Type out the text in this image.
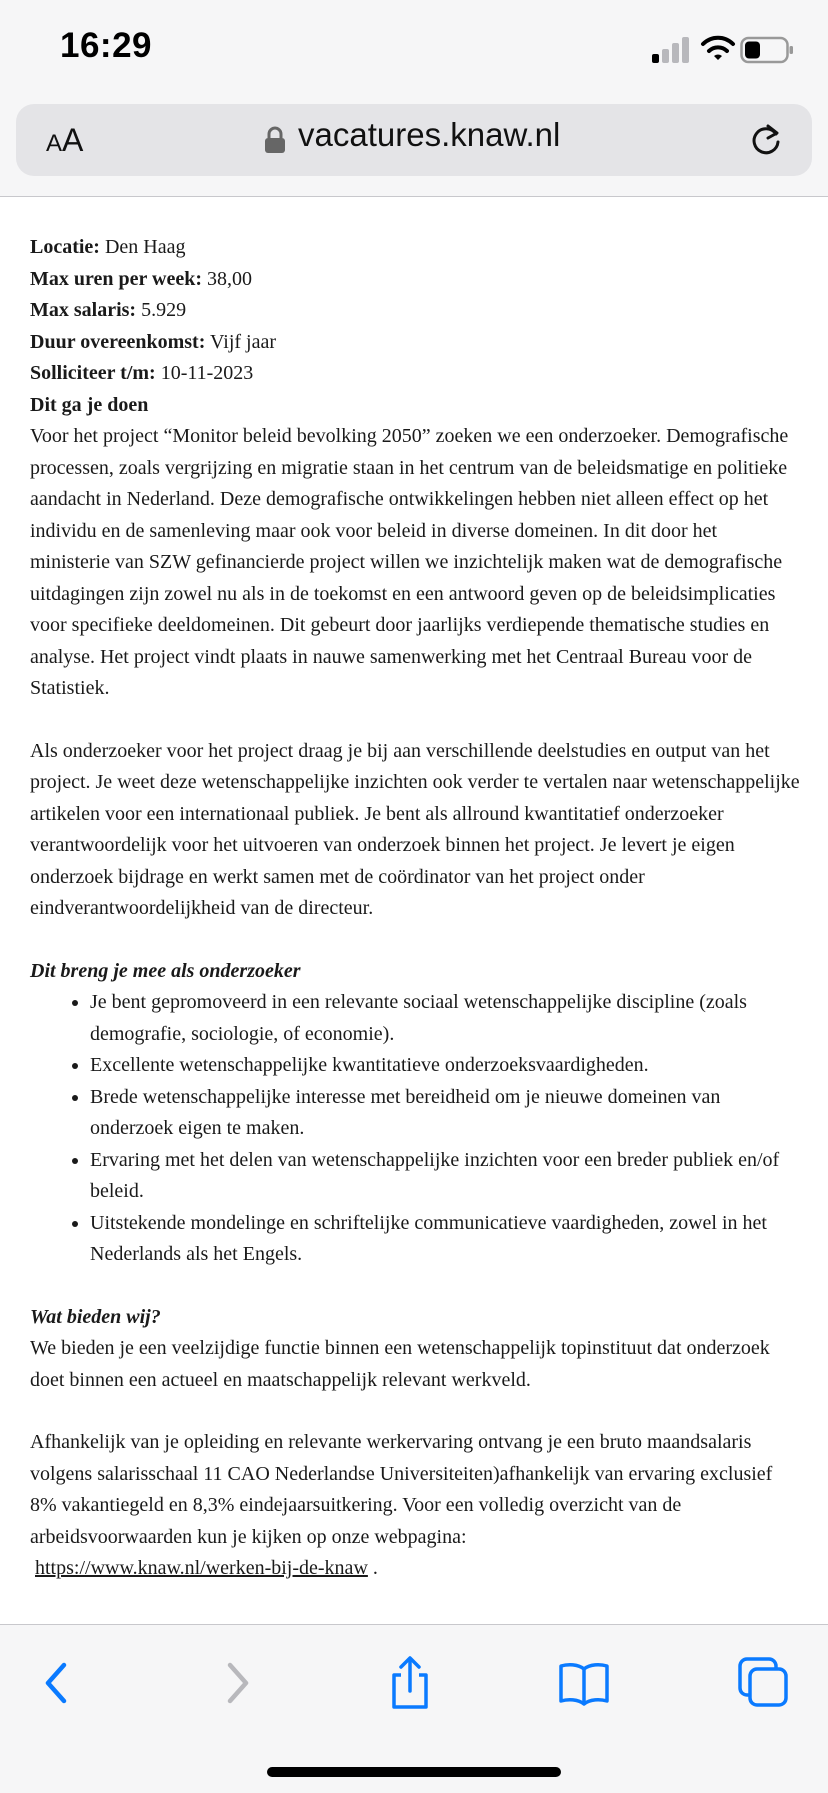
16:29
AA	vacatures.knaw.nl

Locatie: Den Haag

Max uren per week: 38,00

Max salaris: 5.929

Duur overeenkomst: Vijf jaar

Solliciteer t/m: 10-11-2023

Dit ga je doen

Voor het project “Monitor beleid bevolking 2050” zoeken we een onderzoeker. Demografische processen, zoals vergrijzing en migratie staan in het centrum van de beleidsmatige en politieke aandacht in Nederland. Deze demografische ontwikkelingen hebben niet alleen effect op het individu en de samenleving maar ook voor beleid in diverse domeinen. In dit door het ministerie van SZW gefinancierde project willen we inzichtelijk maken wat de demografische uitdagingen zijn zowel nu als in de toekomst en een antwoord geven op de beleidsimplicaties voor specifieke deeldomeinen. Dit gebeurt door jaarlijks verdiepende thematische studies en analyse. Het project vindt plaats in nauwe samenwerking met het Centraal Bureau voor de Statistiek.

Als onderzoeker voor het project draag je bij aan verschillende deelstudies en output van het project. Je weet deze wetenschappelijke inzichten ook verder te vertalen naar wetenschappelijke artikelen voor een internationaal publiek. Je bent als allround kwantitatief onderzoeker verantwoordelijk voor het uitvoeren van onderzoek binnen het project. Je levert je eigen onderzoek bijdrage en werkt samen met de coördinator van het project onder eindverantwoordelijkheid van de directeur.

Dit breng je mee als onderzoeker

• Je bent gepromoveerd in een relevante sociaal wetenschappelijke discipline (zoals demografie, sociologie, of economie).
• Excellente wetenschappelijke kwantitatieve onderzoeksvaardigheden.
• Brede wetenschappelijke interesse met bereidheid om je nieuwe domeinen van onderzoek eigen te maken.
• Ervaring met het delen van wetenschappelijke inzichten voor een breder publiek en/of beleid.
• Uitstekende mondelinge en schriftelijke communicatieve vaardigheden, zowel in het Nederlands als het Engels.

Wat bieden wij?

We bieden je een veelzijdige functie binnen een wetenschappelijk topinstituut dat onderzoek doet binnen een actueel en maatschappelijk relevant werkveld.

Afhankelijk van je opleiding en relevante werkervaring ontvang je een bruto maandsalaris volgens salarisschaal 11 CAO Nederlandse Universiteiten)afhankelijk van ervaring exclusief 8% vakantiegeld en 8,3% eindejaarsuitkering. Voor een volledig overzicht van de arbeidsvoorwaarden kun je kijken op onze webpagina:

https://www.knaw.nl/werken-bij-de-knaw .
